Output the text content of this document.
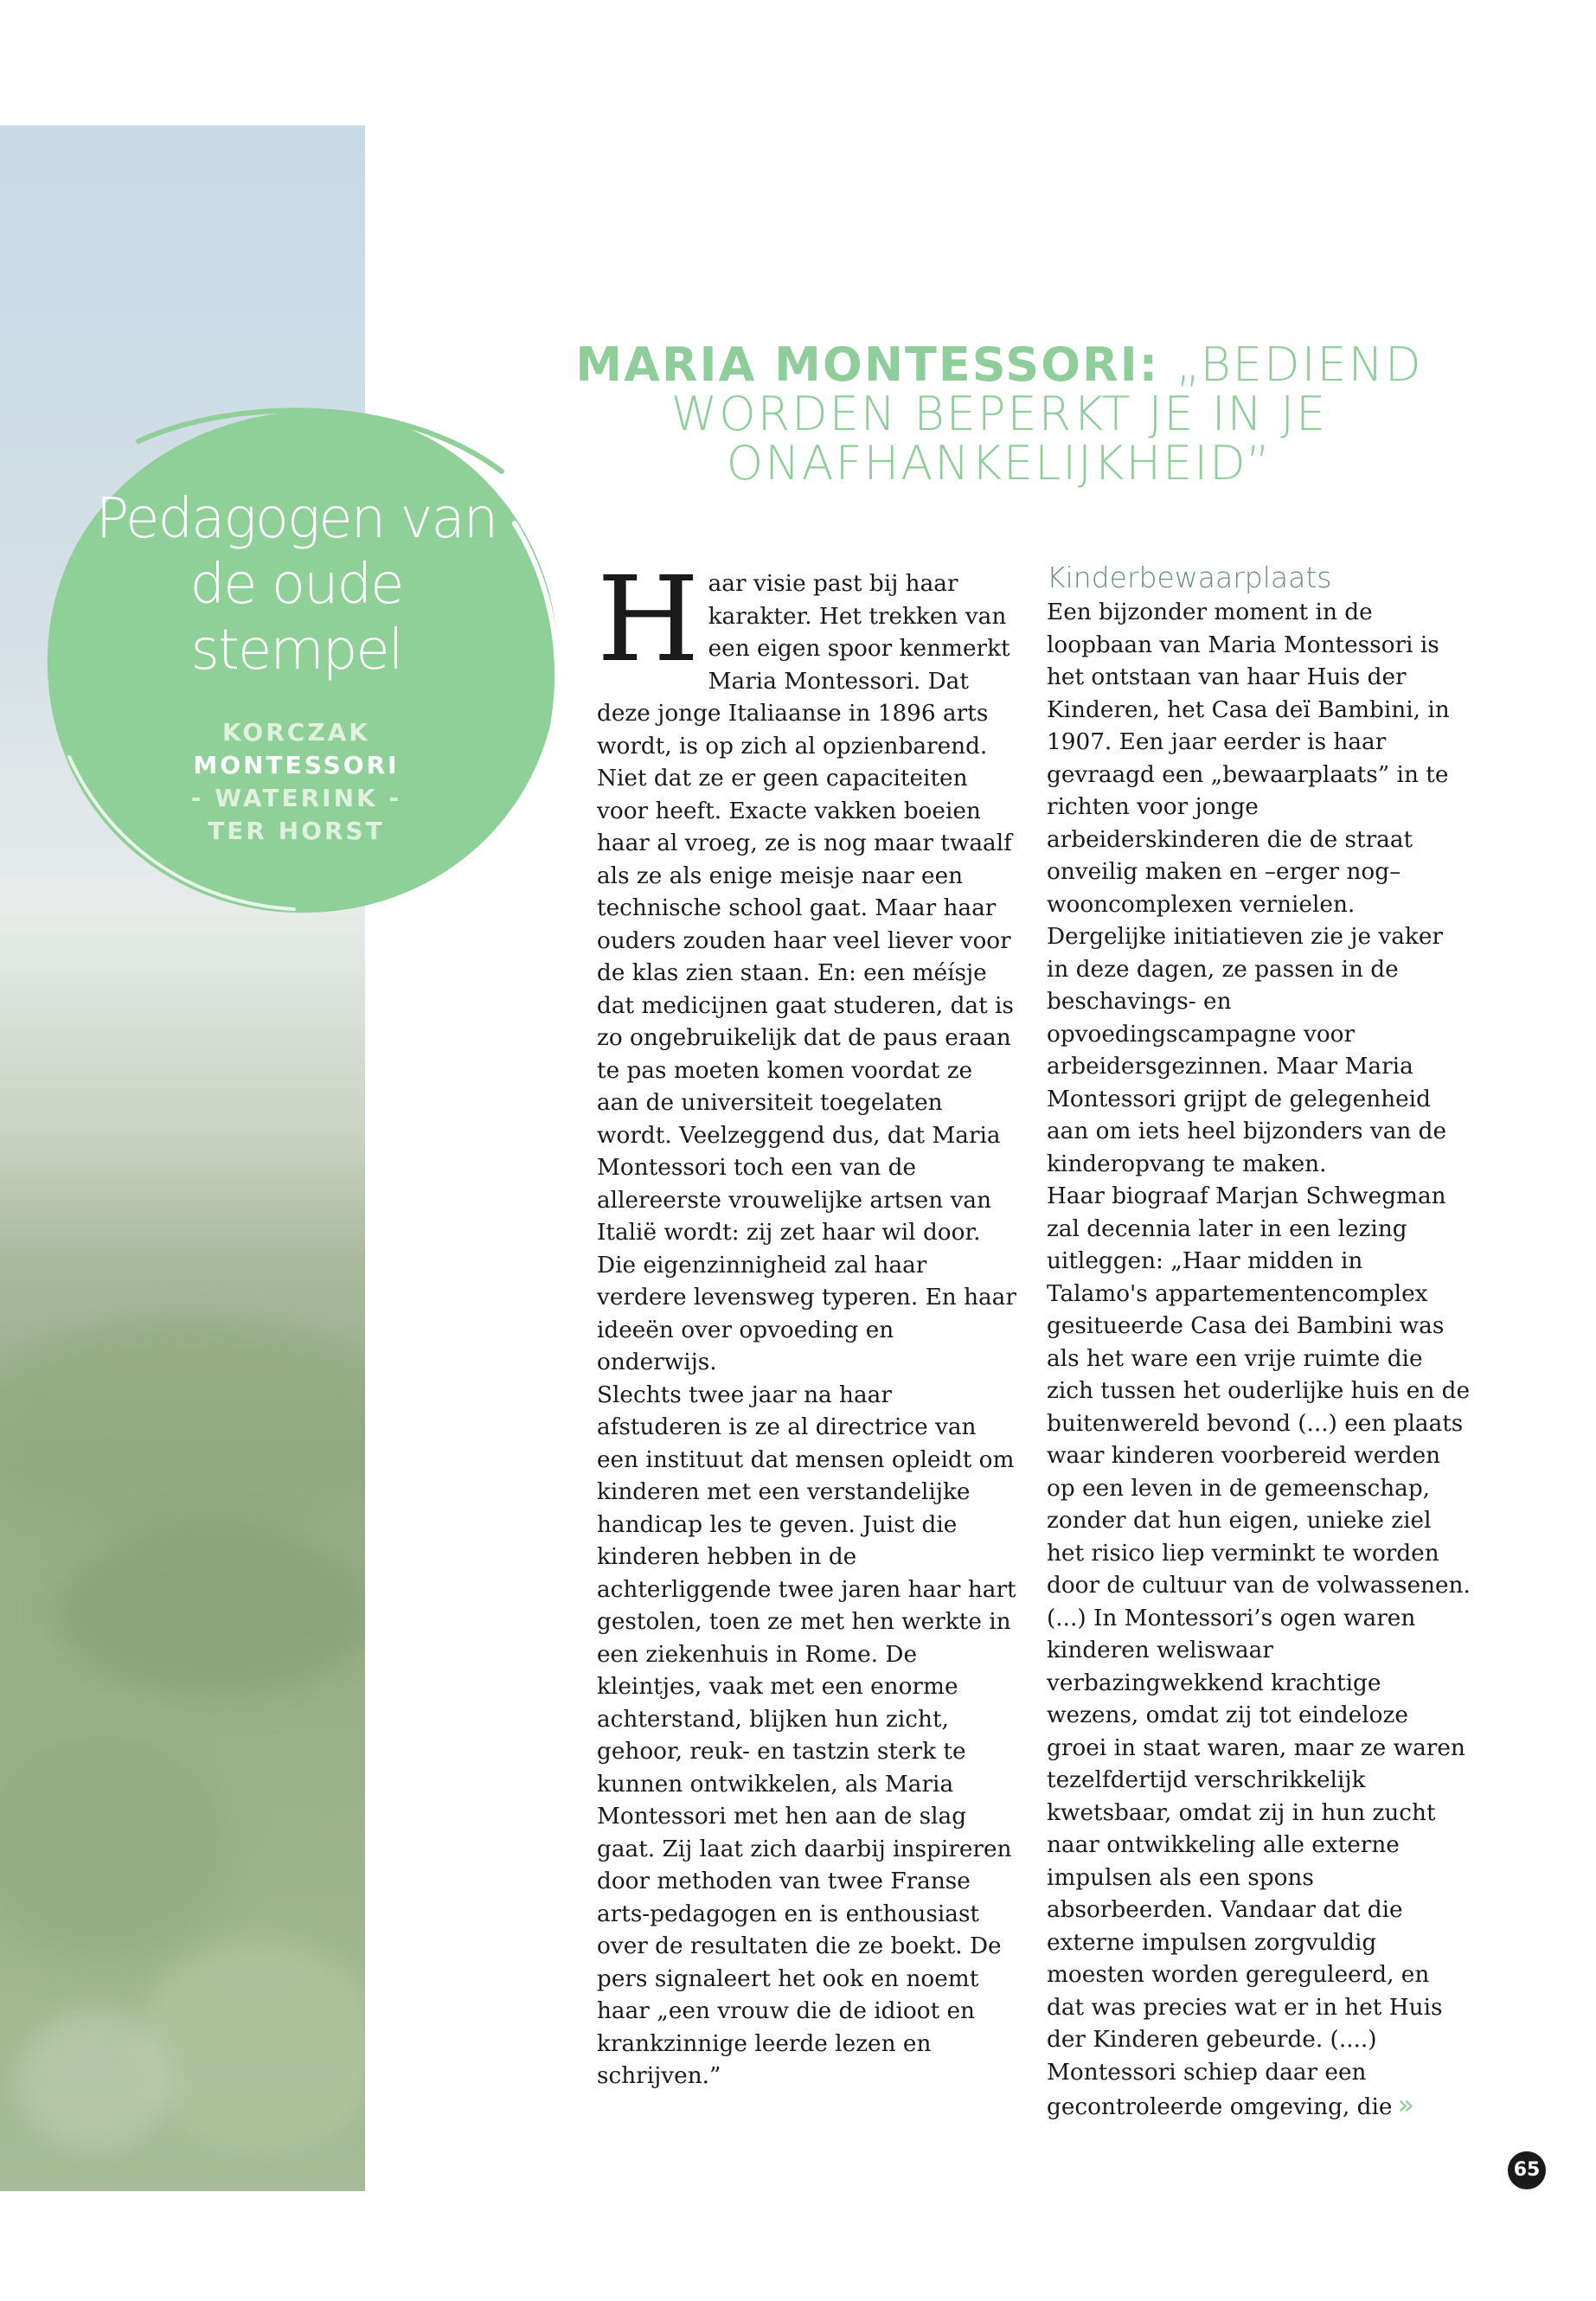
Pedagogen van de oude stempel

KORCZAK
MONTESSORI
- WATERINK -
TER HORST
MARIA MONTESSORI: „BEDIEND WORDEN BEPERKT JE IN JE ONAFHANKELIJKHEID”
H aar visie past bij haar karakter. Het trekken van een eigen spoor kenmerkt Maria Montessori. Dat deze jonge Italiaanse in 1896 arts wordt, is op zich al opzienbarend. Niet dat ze er geen capaciteiten voor heeft. Exacte vakken boeien haar al vroeg, ze is nog maar twaalf als ze als enige meisje naar een technische school gaat. Maar haar ouders zouden haar veel liever voor de klas zien staan. En: een méísje dat medicijnen gaat studeren, dat is zo ongebruikelijk dat de paus eraan te pas moeten komen voordat ze aan de universiteit toegelaten wordt. Veelzeggend dus, dat Maria Montessori toch een van de allereerste vrouwelijke artsen van Italië wordt: zij zet haar wil door. Die eigenzinnigheid zal haar verdere levensweg typeren. En haar ideeën over opvoeding en onderwijs.

Slechts twee jaar na haar afstuderen is ze al directrice van een instituut dat mensen opleidt om kinderen met een verstandelijke handicap les te geven. Juist die kinderen hebben in de achterliggende twee jaren haar hart gestolen, toen ze met hen werkte in een ziekenhuis in Rome. De kleintjes, vaak met een enorme achterstand, blijken hun zicht, gehoor, reuk- en tastzin sterk te kunnen ontwikkelen, als Maria Montessori met hen aan de slag gaat. Zij laat zich daarbij inspireren door methoden van twee Franse arts-pedagogen en is enthousiast over de resultaten die ze boekt. De pers signaleert het ook en noemt haar „een vrouw die de idioot en krankzinnige leerde lezen en schrijven.”

Kinderbewaarplaats

Een bijzonder moment in de loopbaan van Maria Montessori is het ontstaan van haar Huis der Kinderen, het Casa deï Bambini, in 1907. Een jaar eerder is haar gevraagd een „bewaarplaats” in te richten voor jonge arbeiderskinderen die de straat onveilig maken en –erger nog– wooncomplexen vernielen. Dergelijke initiatieven zie je vaker in deze dagen, ze passen in de beschavings- en opvoedingscampagne voor arbeidersgezinnen. Maar Maria Montessori grijpt de gelegenheid aan om iets heel bijzonders van de kinderopvang te maken.

Haar biograaf Marjan Schwegman zal decennia later in een lezing uitleggen: „Haar midden in Talamo's appartementencomplex gesitueerde Casa dei Bambini was als het ware een vrije ruimte die zich tussen het ouderlijke huis en de buitenwereld bevond (...) een plaats waar kinderen voorbereid werden op een leven in de gemeenschap, zonder dat hun eigen, unieke ziel het risico liep verminkt te worden door de cultuur van de volwassenen. (...) In Montessori’s ogen waren kinderen weliswaar verbazingwekkend krachtige wezens, omdat zij tot eindeloze groei in staat waren, maar ze waren tezelfdertijd verschrikkelijk kwetsbaar, omdat zij in hun zucht naar ontwikkeling alle externe impulsen als een spons absorbeerden. Vandaar dat die externe impulsen zorgvuldig moesten worden gereguleerd, en dat was precies wat er in het Huis der Kinderen gebeurde. (....) Montessori schiep daar een gecontroleerde omgeving, die »

65
